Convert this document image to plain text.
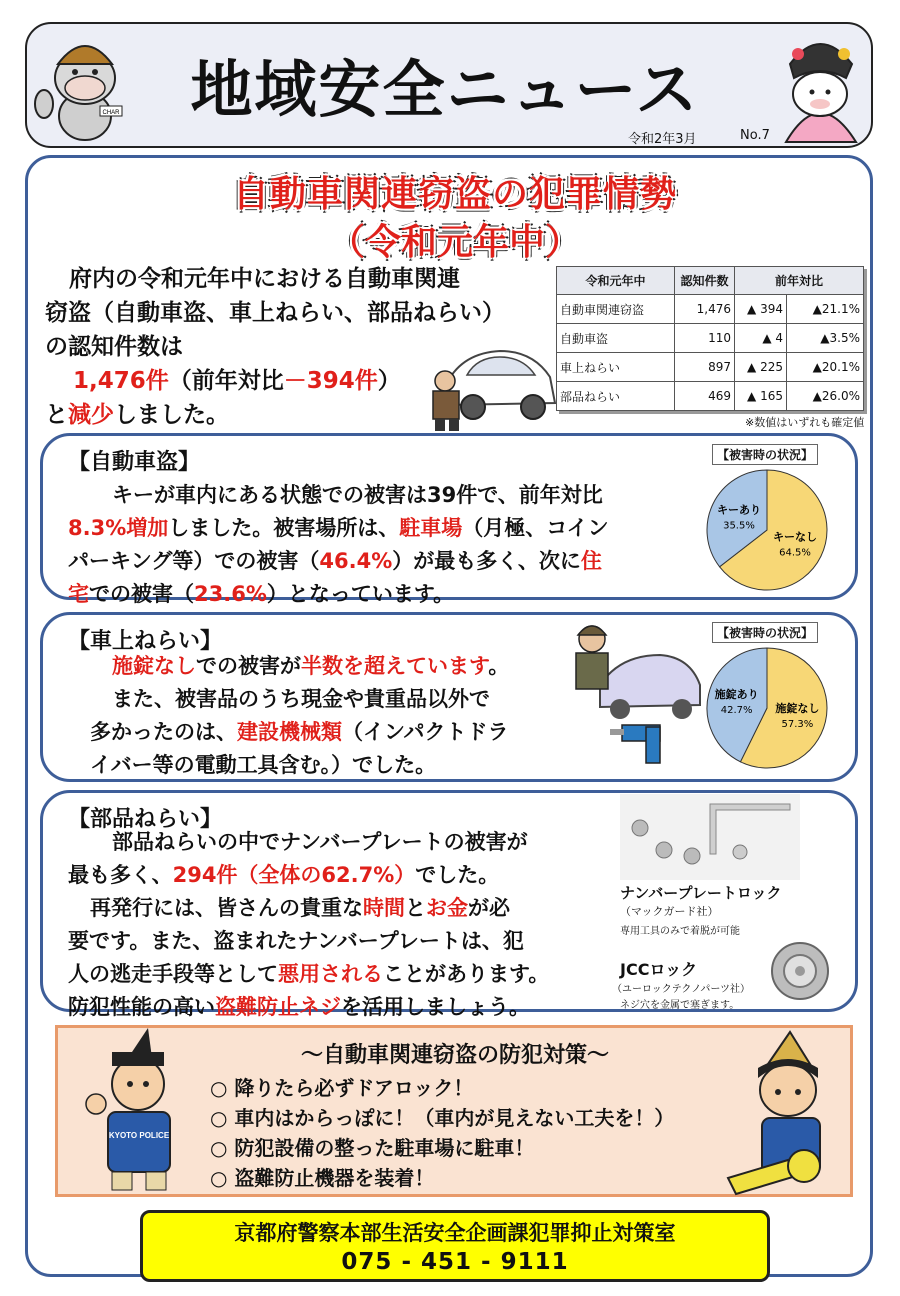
CHAR	地域安全ニュース
令和2年3月	No.7
自動車関連窃盗の犯罪情勢
（令和元年中）
府内の令和元年中における自動車関連
窃盗（自動車盗、車上ねらい、部品ねらい）
の認知件数は
1,476件（前年対比－394件）
と減少しました。
令和元年中	認知件数	前年対比	
自動車関連窃盗	1,476	▲ 394	▲21.1%
自動車盗	110	▲ 4	▲3.5%
車上ねらい	897	▲ 225	▲20.1%
部品ねらい	469	▲ 165	▲26.0%
※数値はいずれも確定値
【自動車盗】
キーが車内にある状態での被害は39件で、前年対比
8.3%増加しました。被害場所は、駐車場（月極、コイン
パーキング等）での被害（46.4%）が最も多く、次に住
宅での被害（23.6%）となっています。
【被害時の状況】
キーなし
64.5%
キーあり
35.5%
【車上ねらい】
施錠なしでの被害が半数を超えています。
また、被害品のうち現金や貴重品以外で
多かったのは、建設機械類（インパクトドラ
イバー等の電動工具含む。）でした。
【被害時の状況】
施錠なし
57.3%
施錠あり
42.7%
【部品ねらい】
部品ねらいの中でナンバープレートの被害が
最も多く、294件（全体の62.7%）でした。
再発行には、皆さんの貴重な時間とお金が必
要です。また、盗まれたナンバープレートは、犯
人の逃走手段等として悪用されることがあります。
防犯性能の高い盗難防止ネジを活用しましょう。
ナンバープレートロック
（マックガード社）
専用工具のみで着脱が可能
JCCロック
（ユーロックテクノパーツ社）
ネジ穴を金属で塞ぎます。
～自動車関連窃盗の防犯対策～
○ 降りたら必ずドアロック！
○ 車内はからっぽに！（車内が見えない工夫を！）
○ 防犯設備の整った駐車場に駐車！
○ 盗難防止機器を装着！
KYOTO POLICE
京都府警察本部生活安全企画課犯罪抑止対策室
075 - 451 - 9111
